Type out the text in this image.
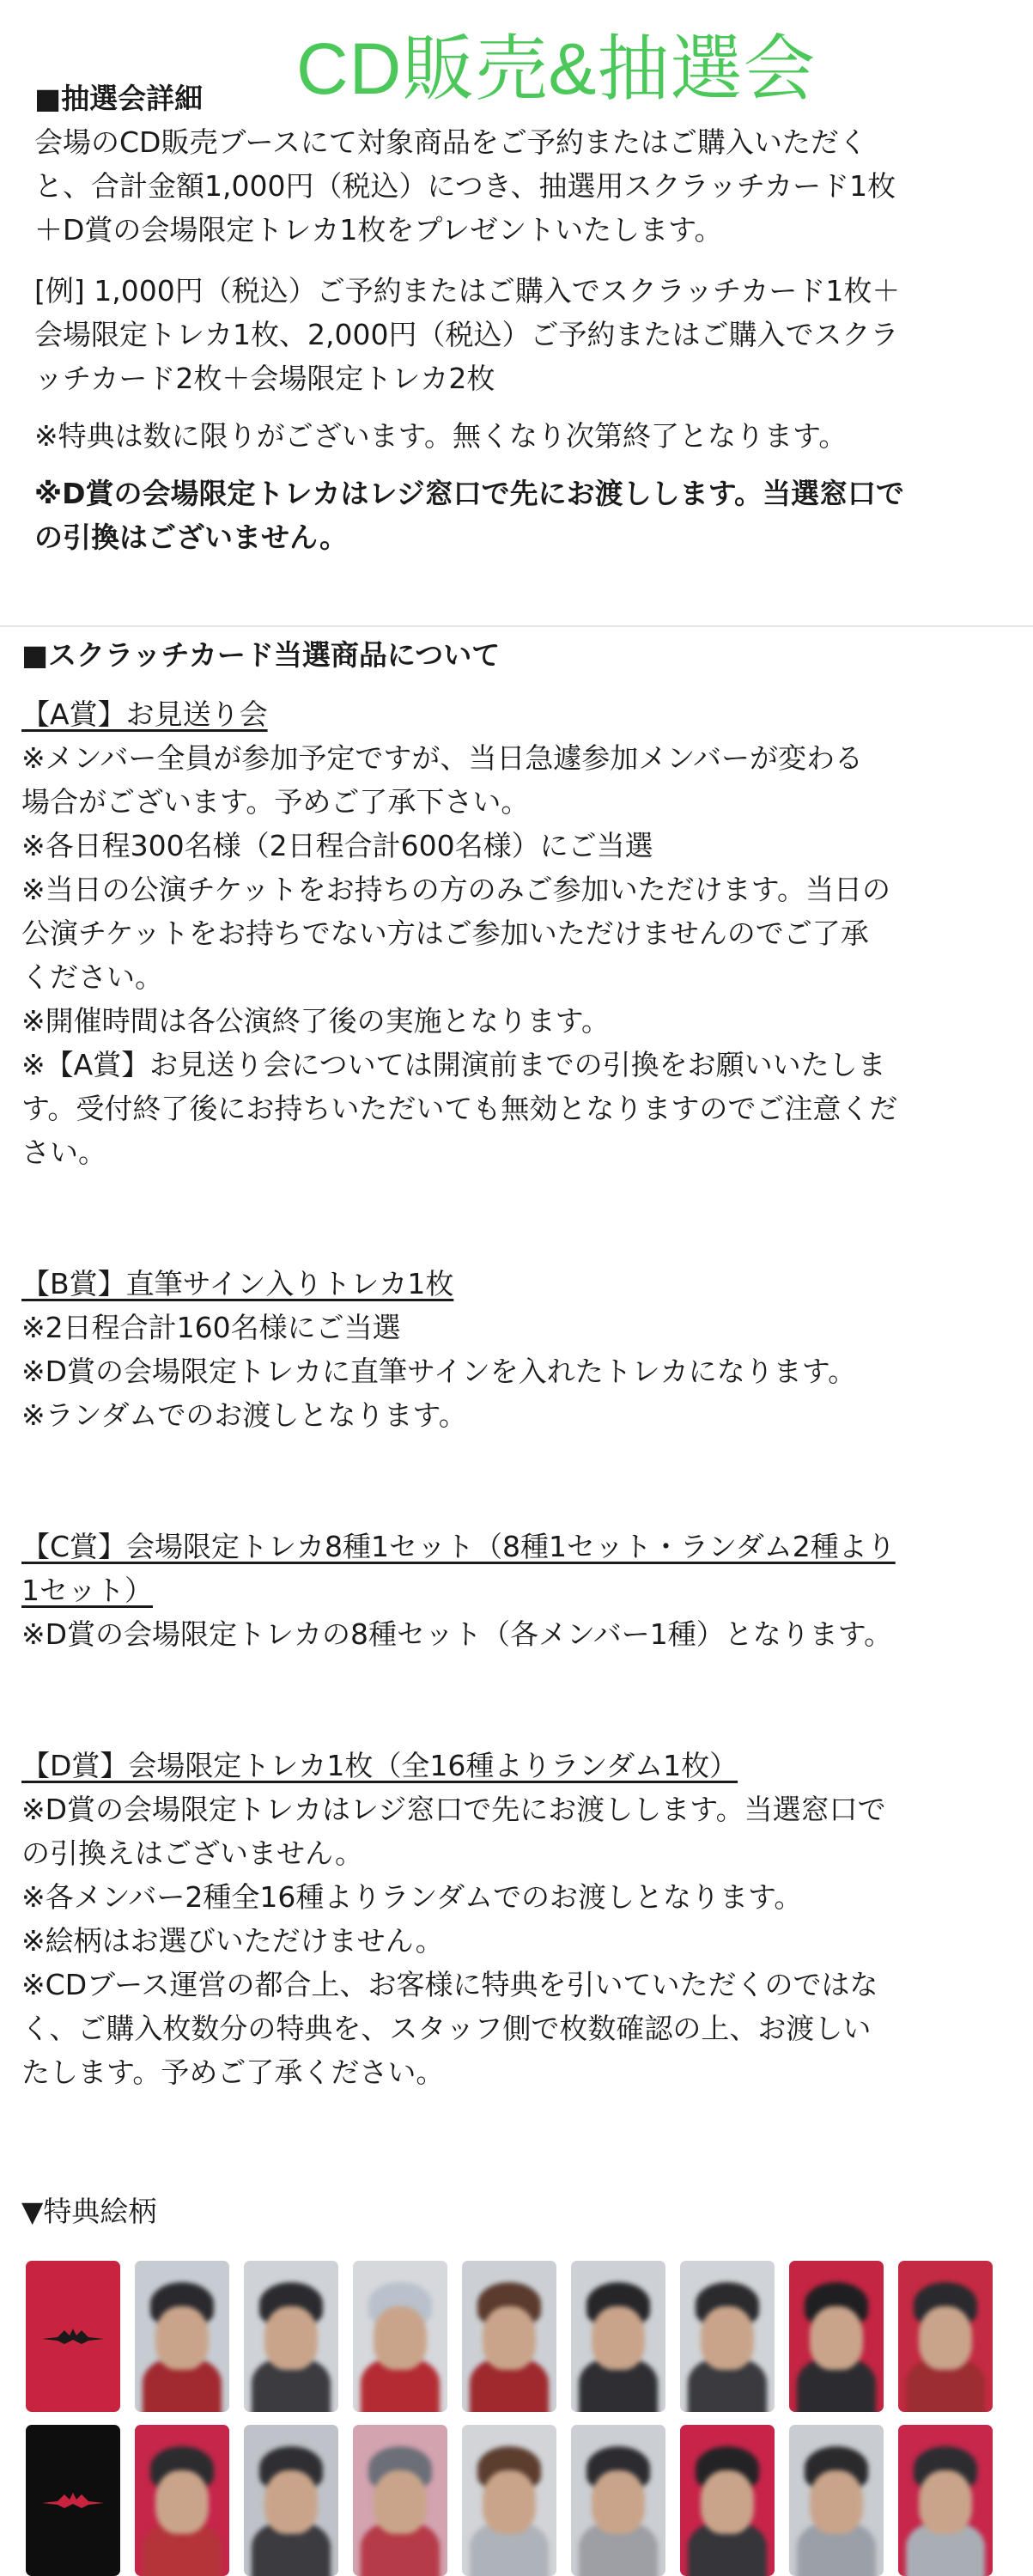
CD販売&抽選会
■抽選会詳細
会場のCD販売ブースにて対象商品をご予約またはご購入いただく
と、合計金額1,000円（税込）につき、抽選用スクラッチカード1枚
＋D賞の会場限定トレカ1枚をプレゼントいたします。
[例] 1,000円（税込）ご予約またはご購入でスクラッチカード1枚＋
会場限定トレカ1枚、2,000円（税込）ご予約またはご購入でスクラ
ッチカード2枚＋会場限定トレカ2枚
※特典は数に限りがございます。無くなり次第終了となります。
※D賞の会場限定トレカはレジ窓口で先にお渡しします。当選窓口で
の引換はございません。
■スクラッチカード当選商品について
【A賞】お見送り会
※メンバー全員が参加予定ですが、当日急遽参加メンバーが変わる
場合がございます。予めご了承下さい。
※各日程300名様（2日程合計600名様）にご当選
※当日の公演チケットをお持ちの方のみご参加いただけます。当日の
公演チケットをお持ちでない方はご参加いただけませんのでご了承
ください。
※開催時間は各公演終了後の実施となります。
※【A賞】お見送り会については開演前までの引換をお願いいたしま
す。受付終了後にお持ちいただいても無効となりますのでご注意くだ
さい。
【B賞】直筆サイン入りトレカ1枚
※2日程合計160名様にご当選
※D賞の会場限定トレカに直筆サインを入れたトレカになります。
※ランダムでのお渡しとなります。
【C賞】会場限定トレカ8種1セット（8種1セット・ランダム2種より
1セット）
※D賞の会場限定トレカの8種セット（各メンバー1種）となります。
【D賞】会場限定トレカ1枚（全16種よりランダム1枚）
※D賞の会場限定トレカはレジ窓口で先にお渡しします。当選窓口で
の引換えはございません。
※各メンバー2種全16種よりランダムでのお渡しとなります。
※絵柄はお選びいただけません。
※CDブース運営の都合上、お客様に特典を引いていただくのではな
く、ご購入枚数分の特典を、スタッフ側で枚数確認の上、お渡しい
たします。予めご了承ください。
▼特典絵柄
